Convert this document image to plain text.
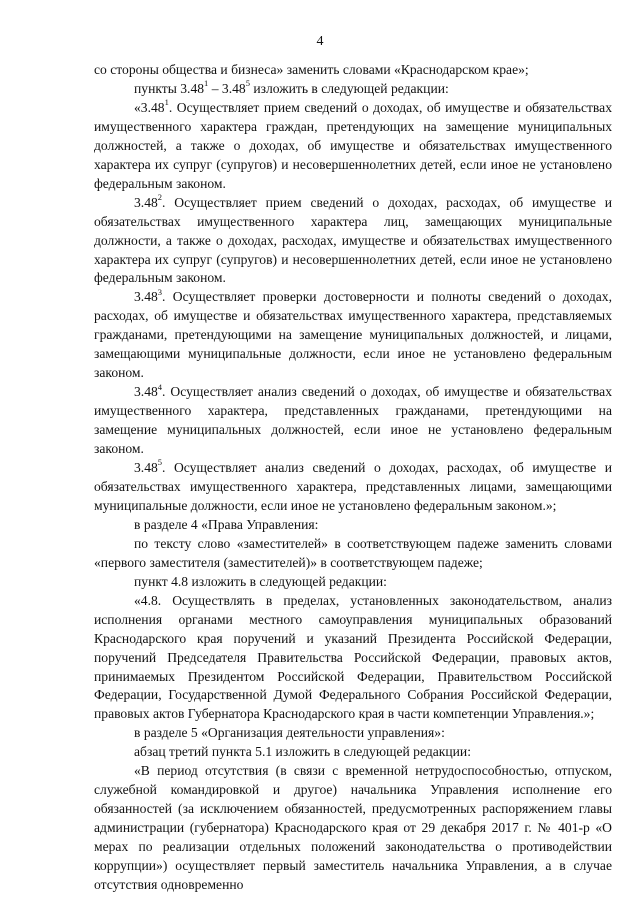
4

со стороны общества и бизнеса» заменить словами «Краснодарском крае»;

пункты 3.48$^1$ – 3.48$^5$ изложить в следующей редакции:

«3.48$^1$. Осуществляет прием сведений о доходах, об имуществе и обязательствах имущественного характера граждан, претендующих на замещение муниципальных должностей, а также о доходах, об имуществе и обязательствах имущественного характера их супруг (супругов) и несовершеннолетних детей, если иное не установлено федеральным законом.

3.48$^2$. Осуществляет прием сведений о доходах, расходах, об имуществе и обязательствах имущественного характера лиц, замещающих муниципальные должности, а также о доходах, расходах, имуществе и обязательствах имущественного характера их супруг (супругов) и несовершеннолетних детей, если иное не установлено федеральным законом.

3.48$^3$. Осуществляет проверки достоверности и полноты сведений о доходах, расходах, об имуществе и обязательствах имущественного характера, представляемых гражданами, претендующими на замещение муниципальных должностей, и лицами, замещающими муниципальные должности, если иное не установлено федеральным законом.

3.48$^4$. Осуществляет анализ сведений о доходах, об имуществе и обязательствах имущественного характера, представленных гражданами, претендующими на замещение муниципальных должностей, если иное не установлено федеральным законом.

3.48$^5$. Осуществляет анализ сведений о доходах, расходах, об имуществе и обязательствах имущественного характера, представленных лицами, замещающими муниципальные должности, если иное не установлено федеральным законом.»;

в разделе 4 «Права Управления:

по тексту слово «заместителей» в соответствующем падеже заменить словами «первого заместителя (заместителей)» в соответствующем падеже;

пункт 4.8 изложить в следующей редакции:

«4.8. Осуществлять в пределах, установленных законодательством, анализ исполнения органами местного самоуправления муниципальных образований Краснодарского края поручений и указаний Президента Российской Федерации, поручений Председателя Правительства Российской Федерации, правовых актов, принимаемых Президентом Российской Федерации, Правительством Российской Федерации, Государственной Думой Федерального Собрания Российской Федерации, правовых актов Губернатора Краснодарского края в части компетенции Управления.»;

в разделе 5 «Организация деятельности управления»:

абзац третий пункта 5.1 изложить в следующей редакции:

«В период отсутствия (в связи с временной нетрудоспособностью, отпуском, служебной командировкой и другое) начальника Управления исполнение его обязанностей (за исключением обязанностей, предусмотренных распоряжением главы администрации (губернатора) Краснодарского края от 29 декабря 2017 г. № 401-р «О мерах по реализации отдельных положений законодательства о противодействии коррупции») осуществляет первый заместитель начальника Управления, а в случае отсутствия одновременно
